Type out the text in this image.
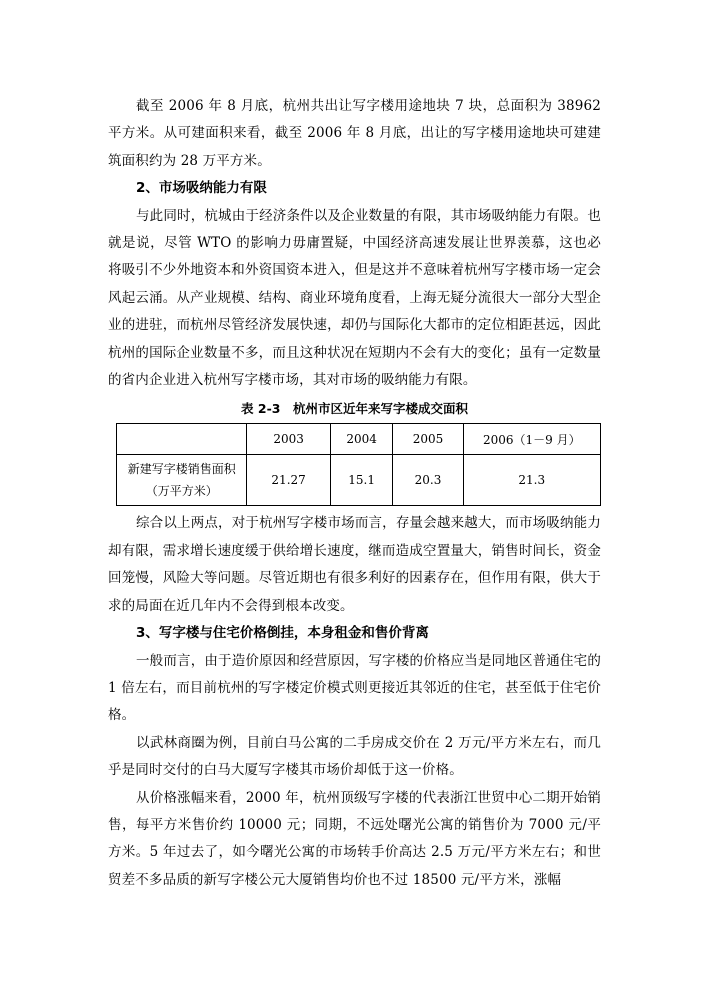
截至 2006 年 8 月底，杭州共出让写字楼用途地块 7 块，总面积为 38962 平方米。从可建面积来看，截至 2006 年 8 月底，出让的写字楼用途地块可建建筑面积约为 28 万平方米。

2、市场吸纳能力有限

与此同时，杭城由于经济条件以及企业数量的有限，其市场吸纳能力有限。也就是说，尽管 WTO 的影响力毋庸置疑，中国经济高速发展让世界羡慕，这也必将吸引不少外地资本和外资国资本进入，但是这并不意味着杭州写字楼市场一定会风起云涌。从产业规模、结构、商业环境角度看，上海无疑分流很大一部分大型企业的进驻，而杭州尽管经济发展快速，却仍与国际化大都市的定位相距甚远，因此杭州的国际企业数量不多，而且这种状况在短期内不会有大的变化；虽有一定数量的省内企业进入杭州写字楼市场，其对市场的吸纳能力有限。

表 2-3　杭州市区近年来写字楼成交面积
	2003	2004	2005	2006（1－9 月）
新建写字楼销售面积
（万平方米）	21.27	15.1	20.3	21.3

综合以上两点，对于杭州写字楼市场而言，存量会越来越大，而市场吸纳能力却有限，需求增长速度缓于供给增长速度，继而造成空置量大，销售时间长，资金回笼慢，风险大等问题。尽管近期也有很多利好的因素存在，但作用有限，供大于求的局面在近几年内不会得到根本改变。

3、写字楼与住宅价格倒挂，本身租金和售价背离

一般而言，由于造价原因和经营原因，写字楼的价格应当是同地区普通住宅的 1 倍左右，而目前杭州的写字楼定价模式则更接近其邻近的住宅，甚至低于住宅价格。

以武林商圈为例，目前白马公寓的二手房成交价在 2 万元/平方米左右，而几乎是同时交付的白马大厦写字楼其市场价却低于这一价格。

从价格涨幅来看，2000 年，杭州顶级写字楼的代表浙江世贸中心二期开始销售，每平方米售价约 10000 元；同期，不远处曙光公寓的销售价为 7000 元/平方米。5 年过去了，如今曙光公寓的市场转手价高达 2.5 万元/平方米左右；和世贸差不多品质的新写字楼公元大厦销售均价也不过 18500 元/平方米，涨幅
